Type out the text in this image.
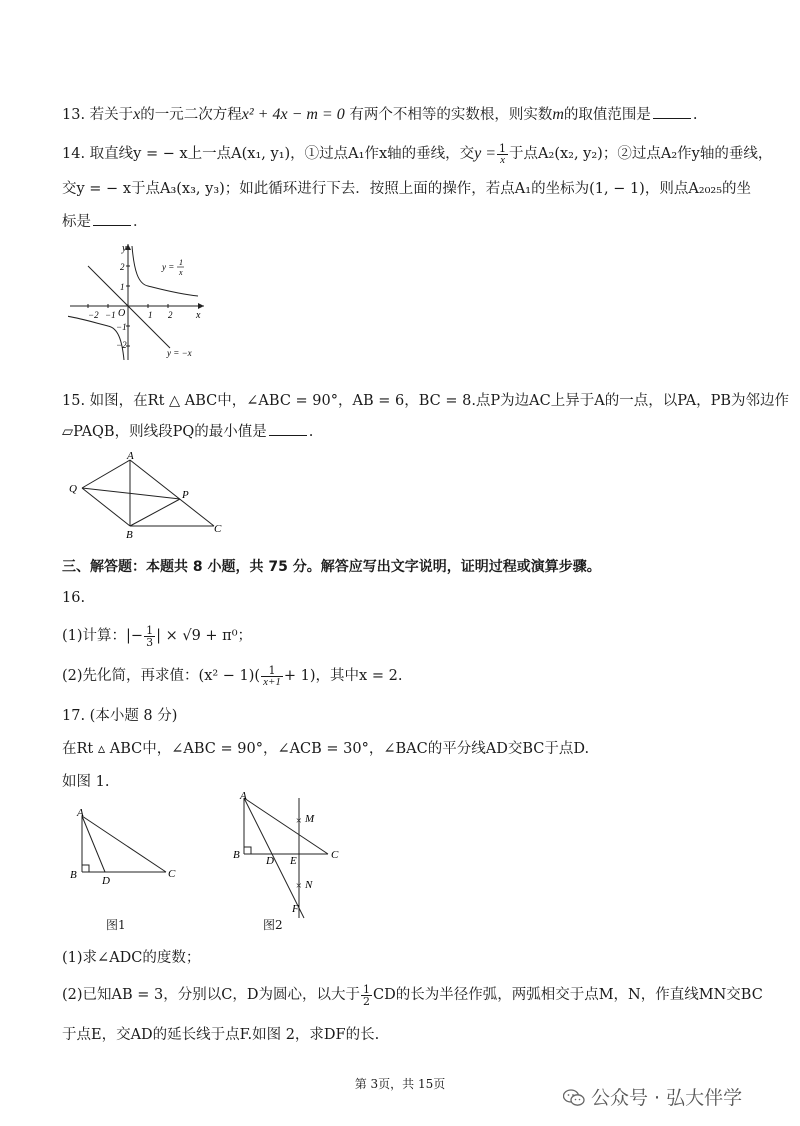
13. 若关于x的一元二次方程x² + 4x − m = 0 有两个不相等的实数根，则实数m的取值范围是	.
14. 取直线y = − x上一点A(x₁, y₁)，①过点A₁作x轴的垂线，交$y = \frac{1}{x}$ 于点A₂(x₂, y₂)；②过点A₂作y轴的垂线，
交y = − x于点A₃(x₃, y₃)；如此循环进行下去．按照上面的操作，若点A₁的坐标为(1, − 1)，则点A₂₀₂₅的坐
标是	．
y
x
O
−2 −1	1 2
2
1
−1
−2
y = 1
x
y = −x
15. 如图，在Rt △ ABC中，∠ABC = 90°，AB = 6，BC = 8.点P为边AC上异于A的一点，以PA，PB为邻边作
▱PAQB，则线段PQ的最小值是	.
A
B	C
P
Q
三、解答题：本题共 8 小题，共 75 分。解答应写出文字说明，证明过程或演算步骤。
16.
(1)计算：|− $\frac{1}{3}$ | × √9 + π⁰；
(2)先化简，再求值：$(x^2 - 1)( \frac{1}{x+1} + 1)$，其中x = 2.
17. (本小题 8 分)
在Rt ▵ ABC中，∠ABC = 90°，∠ACB = 30°，∠BAC的平分线AD交BC于点D.
如图 1.
A
B	C
D
图1
×
×
A
B	C
D E
F
M
N
图2
(1)求∠ADC的度数；
(2)已知AB = 3，分别以C，D为圆心，以大于 $\frac{1}{2}$ CD的长为半径作弧，两弧相交于点M，N，作直线MN交BC
于点E，交AD的延长线于点F.如图 2，求DF的长.
第 3页，共 15页
公众号 · 弘大伴学
